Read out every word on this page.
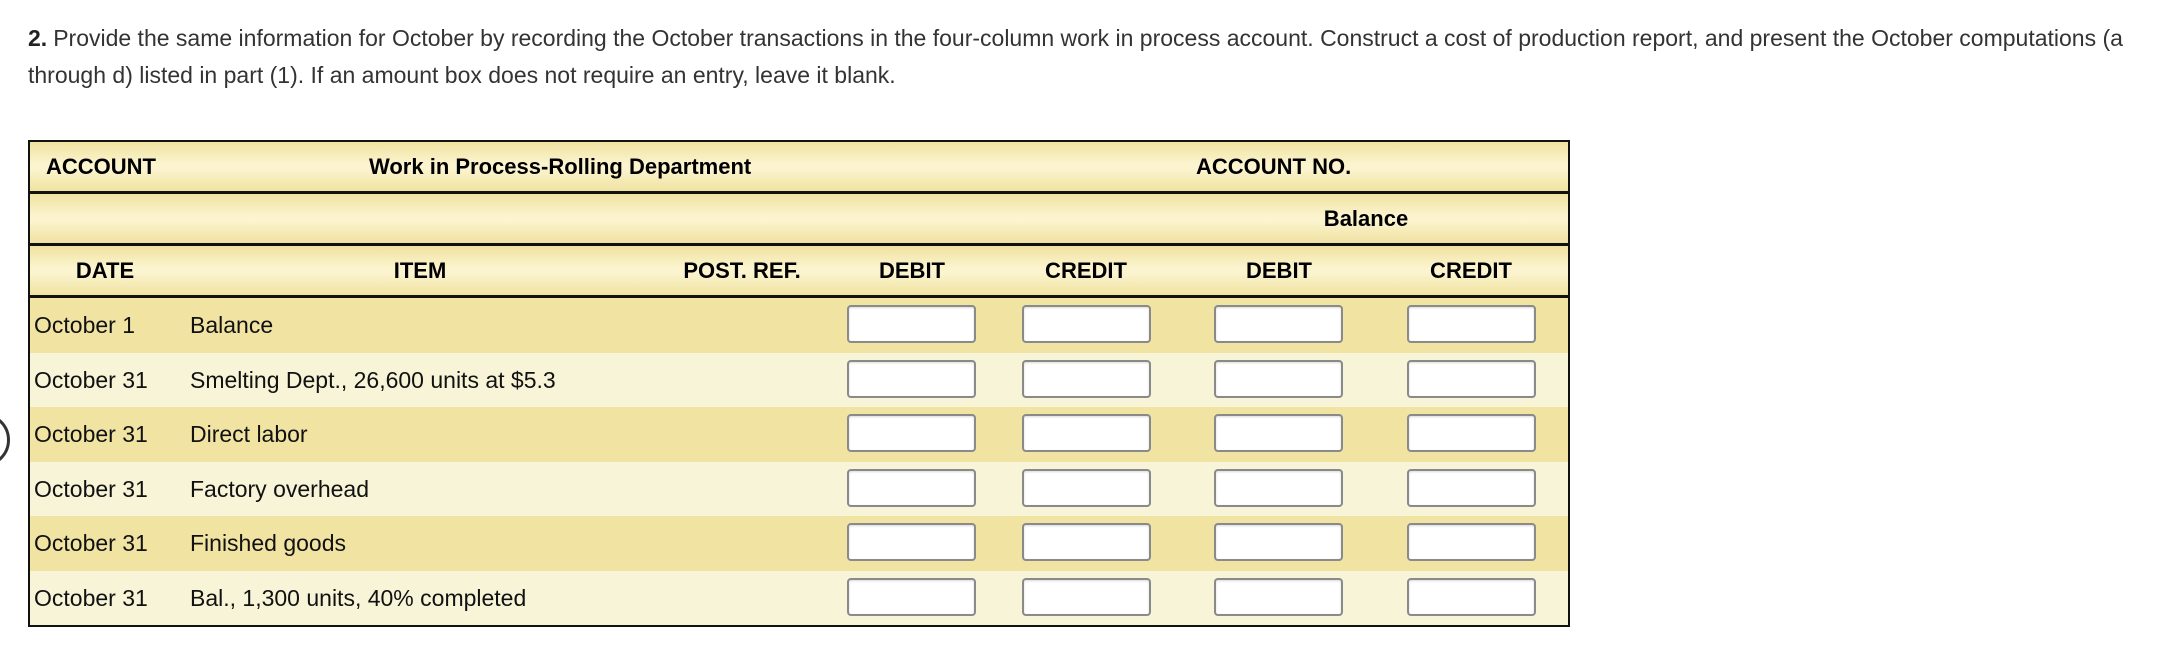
2. Provide the same information for October by recording the October transactions in the four-column work in process account. Construct a cost of production report, and present the October computations (a through d) listed in part (1). If an amount box does not require an entry, leave it blank.
ACCOUNT	Work in Process-Rolling Department	ACCOUNT NO.
Balance
DATE	ITEM	POST. REF.	DEBIT	CREDIT	DEBIT	CREDIT
October 1 Balance
October 31 Smelting Dept., 26,600 units at $5.3
October 31 Direct labor
October 31 Factory overhead
October 31 Finished goods
October 31 Bal., 1,300 units, 40% completed
